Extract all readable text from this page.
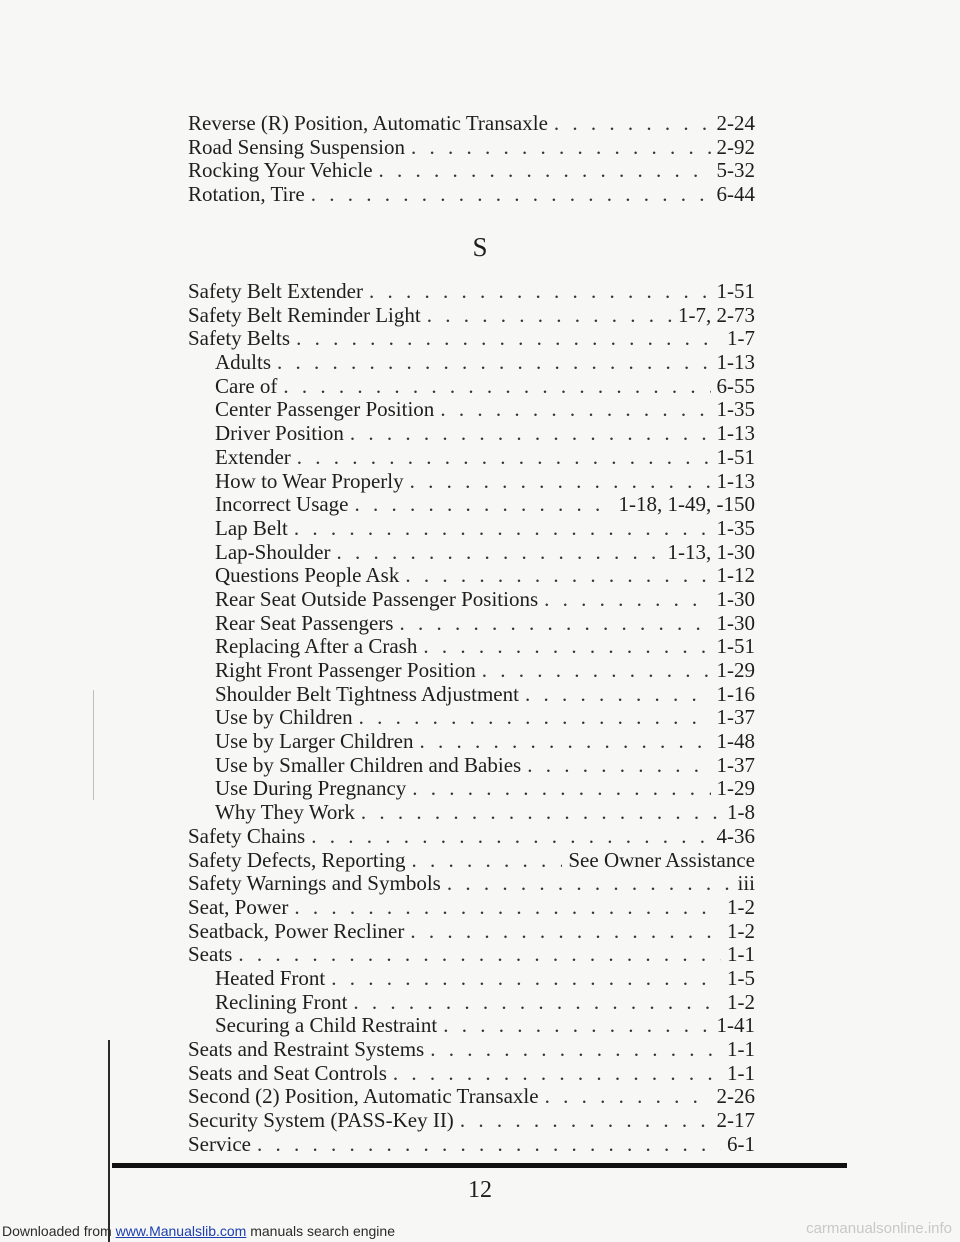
Reverse (R) Position, Automatic Transaxle . . .	2-24
Road Sensing Suspension . . .	2-92
Rocking Your Vehicle . . .	5-32
Rotation, Tire . . .	6-44
S
Safety Belt Extender . . .	1-51
Safety Belt Reminder Light . . .	1-7, 2-73
Safety Belts . . .	1-7
Adults . . .	1-13
Care of . . .	6-55
Center Passenger Position . . .	1-35
Driver Position . . .	1-13
Extender . . .	1-51
How to Wear Properly . . .	1-13
Incorrect Usage . . .	1-18, 1-49, -150
Lap Belt . . .	1-35
Lap-Shoulder . . .	1-13, 1-30
Questions People Ask . . .	1-12
Rear Seat Outside Passenger Positions . . .	1-30
Rear Seat Passengers . . .	1-30
Replacing After a Crash . . .	1-51
Right Front Passenger Position . . .	1-29
Shoulder Belt Tightness Adjustment . . .	1-16
Use by Children . . .	1-37
Use by Larger Children . . .	1-48
Use by Smaller Children and Babies . . .	1-37
Use During Pregnancy . . .	1-29
Why They Work . . .	1-8
Safety Chains . . .	4-36
Safety Defects, Reporting . . .	See Owner Assistance
Safety Warnings and Symbols . . .	iii
Seat, Power . . .	1-2
Seatback, Power Recliner . . .	1-2
Seats . . .	1-1
Heated Front . . .	1-5
Reclining Front . . .	1-2
Securing a Child Restraint . . .	1-41
Seats and Restraint Systems . . .	1-1
Seats and Seat Controls . . .	1-1
Second (2) Position, Automatic Transaxle . . .	2-26
Security System (PASS-Key II) . . .	2-17
Service . . .	6-1
12
Downloaded from www.Manualslib.com manuals search engine	carmanualsonline.info
